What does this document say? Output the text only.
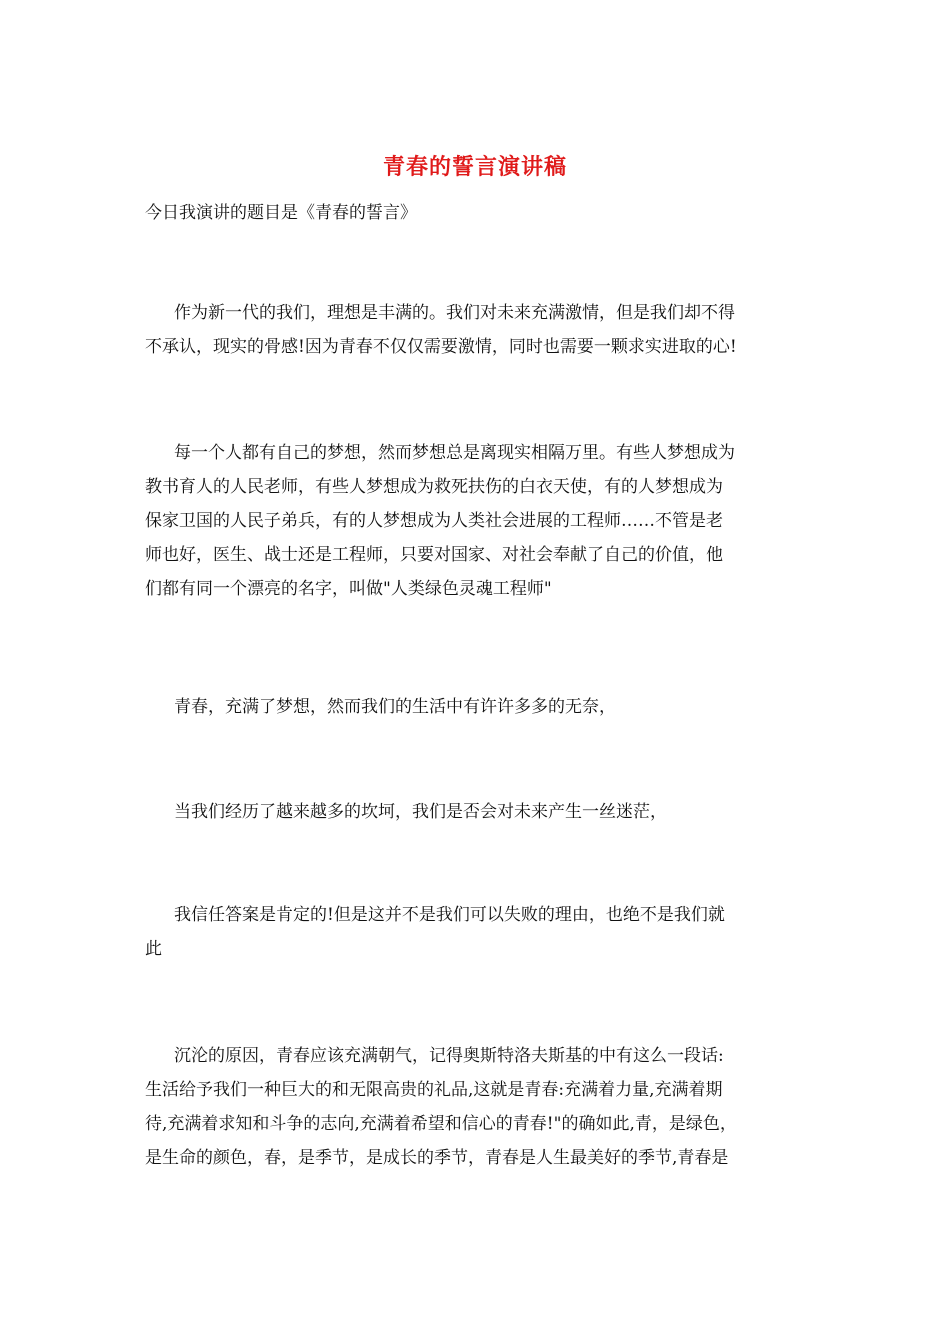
青春的誓言演讲稿
今日我演讲的题目是《青春的誓言》
作为新一代的我们，理想是丰满的。我们对未来充满激情，但是我们却不得
不承认，现实的骨感!因为青春不仅仅需要激情，同时也需要一颗求实进取的心!
每一个人都有自己的梦想，然而梦想总是离现实相隔万里。有些人梦想成为
教书育人的人民老师，有些人梦想成为救死扶伤的白衣天使，有的人梦想成为
保家卫国的人民子弟兵，有的人梦想成为人类社会进展的工程师……不管是老
师也好，医生、战士还是工程师，只要对国家、对社会奉献了自己的价值，他
们都有同一个漂亮的名字，叫做"人类绿色灵魂工程师"
青春，充满了梦想，然而我们的生活中有许许多多的无奈，
当我们经历了越来越多的坎坷，我们是否会对未来产生一丝迷茫，
我信任答案是肯定的!但是这并不是我们可以失败的理由，也绝不是我们就
此
沉沦的原因，青春应该充满朝气，记得奥斯特洛夫斯基的中有这么一段话:
生活给予我们一种巨大的和无限高贵的礼品,这就是青春:充满着力量,充满着期
待,充满着求知和斗争的志向,充满着希望和信心的青春!"的确如此,青，是绿色，
是生命的颜色，春，是季节，是成长的季节，青春是人生最美好的季节,青春是
